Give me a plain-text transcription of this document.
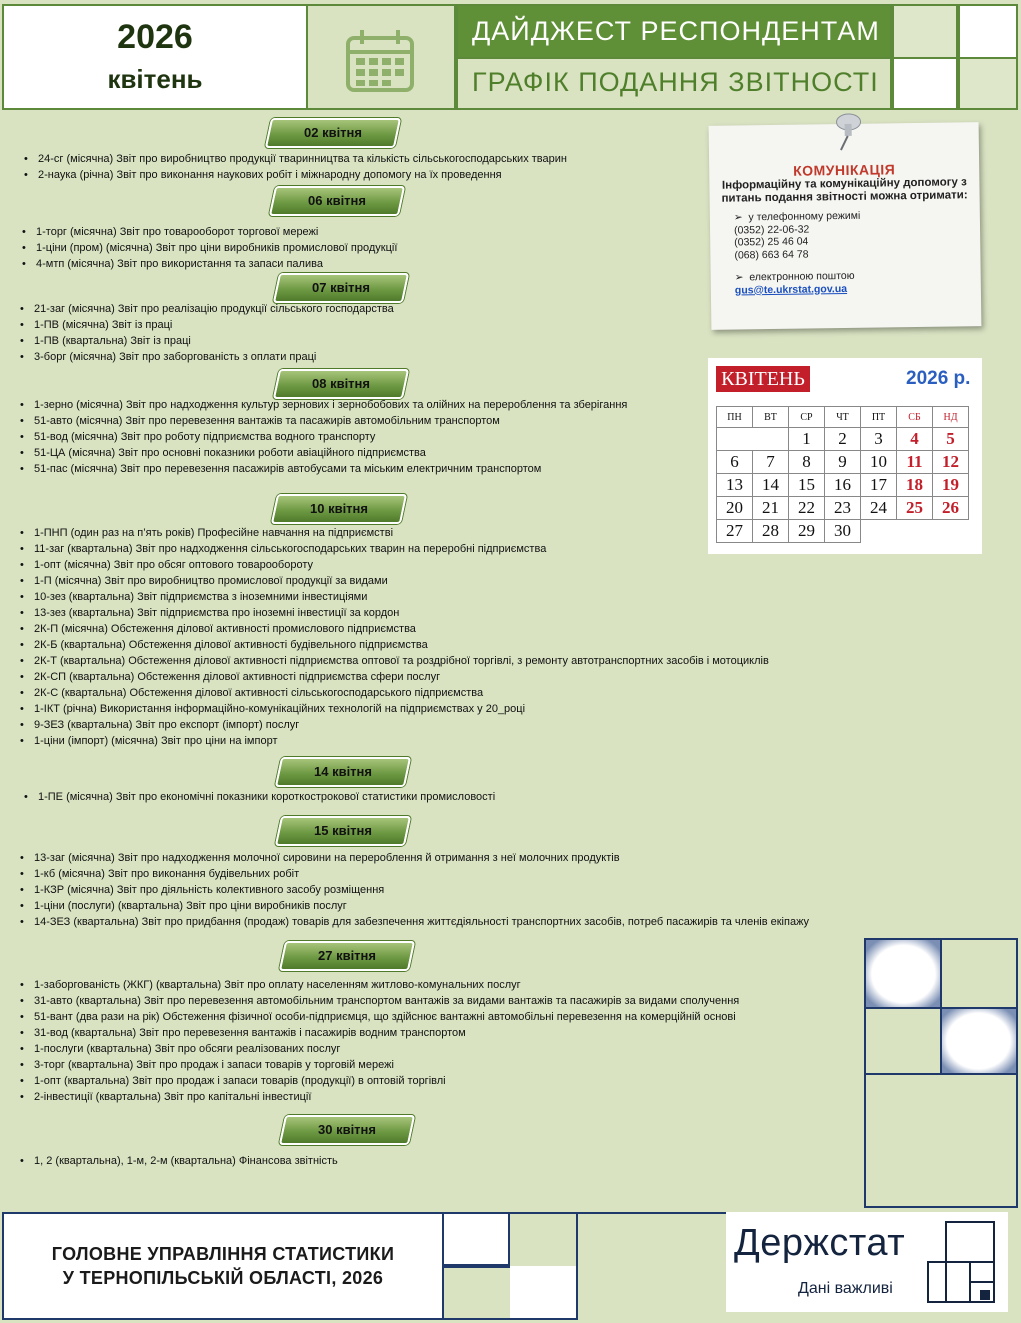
2026
квітень
ДАЙДЖЕСТ РЕСПОНДЕНТАМ
ГРАФІК ПОДАННЯ ЗВІТНОСТІ
02 квітня
• 24-сг (місячна) Звіт про виробництво продукції тваринництва та кількість сільськогосподарських тварин
• 2-наука (річна) Звіт про виконання наукових робіт і міжнародну допомогу на їх проведення
06 квітня
• 1-торг (місячна) Звіт про товарооборот торгової мережі
• 1-ціни (пром) (місячна) Звіт про ціни виробників промислової продукції
• 4-мтп (місячна) Звіт про використання та запаси палива
07 квітня
• 21-заг (місячна) Звіт про реалізацію продукції сільського господарства
• 1-ПВ (місячна) Звіт із праці
• 1-ПВ (квартальна) Звіт із праці
• 3-борг (місячна) Звіт про заборгованість з оплати праці
08 квітня
• 1-зерно (місячна) Звіт про надходження культур зернових і зернобобових та олійних на перероблення та зберігання
• 51-авто (місячна) Звіт про перевезення вантажів та пасажирів автомобільним транспортом
• 51-вод (місячна) Звіт про роботу підприємства водного транспорту
• 51-ЦА (місячна) Звіт про основні показники роботи авіаційного підприємства
• 51-пас (місячна) Звіт про перевезення пасажирів автобусами та міським електричним транспортом
10 квітня
• 1-ПНП (один раз на п’ять років) Професійне навчання на підприємстві
• 11-заг (квартальна) Звіт про надходження сільськогосподарських тварин на переробні підприємства
• 1-опт (місячна) Звіт про обсяг оптового товарообороту
• 1-П (місячна) Звіт про виробництво промислової продукції за видами
• 10-зез (квартальна) Звіт підприємства з іноземними інвестиціями
• 13-зез (квартальна) Звіт підприємства про іноземні інвестиції за кордон
• 2К-П (місячна) Обстеження ділової активності промислового підприємства
• 2К-Б (квартальна) Обстеження ділової активності будівельного підприємства
• 2К-Т (квартальна) Обстеження ділової активності підприємства оптової та роздрібної торгівлі, з ремонту автотранспортних засобів і мотоциклів
• 2К-СП (квартальна) Обстеження ділової активності підприємства сфери послуг
• 2К-С (квартальна) Обстеження ділової активності сільськогосподарського підприємства
• 1-ІКТ (річна) Використання інформаційно-комунікаційних технологій на підприємствах у 20_році
• 9-ЗЕЗ (квартальна) Звіт про експорт (імпорт) послуг
• 1-ціни (імпорт) (місячна) Звіт про ціни на імпорт
14 квітня
• 1-ПЕ (місячна) Звіт про економічні показники короткострокової статистики промисловості
15 квітня
• 13-заг (місячна) Звіт про надходження молочної сировини на перероблення й отримання з неї молочних продуктів
• 1-кб (місячна) Звіт про виконання будівельних робіт
• 1-КЗР (місячна) Звіт про діяльність колективного засобу розміщення
• 1-ціни (послуги) (квартальна) Звіт про ціни виробників послуг
• 14-ЗЕЗ (квартальна) Звіт про придбання (продаж) товарів для забезпечення життєдіяльності транспортних засобів, потреб пасажирів та членів екіпажу
27 квітня
• 1-заборгованість (ЖКГ) (квартальна) Звіт про оплату населенням житлово-комунальних послуг
• 31-авто (квартальна) Звіт про перевезення автомобільним транспортом вантажів за видами вантажів та пасажирів за видами сполучення
• 51-вант (два рази на рік) Обстеження фізичної особи-підприємця, що здійснює вантажні автомобільні перевезення на комерційній основі
• 31-вод (квартальна) Звіт про перевезення вантажів і пасажирів водним транспортом
• 1-послуги (квартальна) Звіт про обсяги реалізованих послуг
• 3-торг (квартальна) Звіт про продаж і запаси товарів у торговій мережі
• 1-опт (квартальна) Звіт про продаж і запаси товарів (продукції) в оптовій торгівлі
• 2-інвестиції (квартальна) Звіт про капітальні інвестиції
30 квітня
• 1, 2 (квартальна), 1-м, 2-м (квартальна) Фінансова звітність
КОМУНІКАЦІЯ
Інформаційну та комунікаційну допомогу з питань подання звітності можна отримати:
➢  у телефонному режимі
(0352) 22-06-32
(0352) 25 46 04
(068) 663 64 78
➢  електронною поштою
gus@te.ukrstat.gov.ua
КВІТЕНЬ	2026 р.
ПН	ВТ	СР	ЧТ	ПТ	СБ	НД
		1	2	3	4	5
6	7	8	9	10	11	12
13	14	15	16	17	18	19
20	21	22	23	24	25	26
27	28	29	30			
ГОЛОВНЕ УПРАВЛІННЯ СТАТИСТИКИ
У ТЕРНОПІЛЬСЬКІЙ ОБЛАСТІ, 2026
Держстат
Дані важливі
